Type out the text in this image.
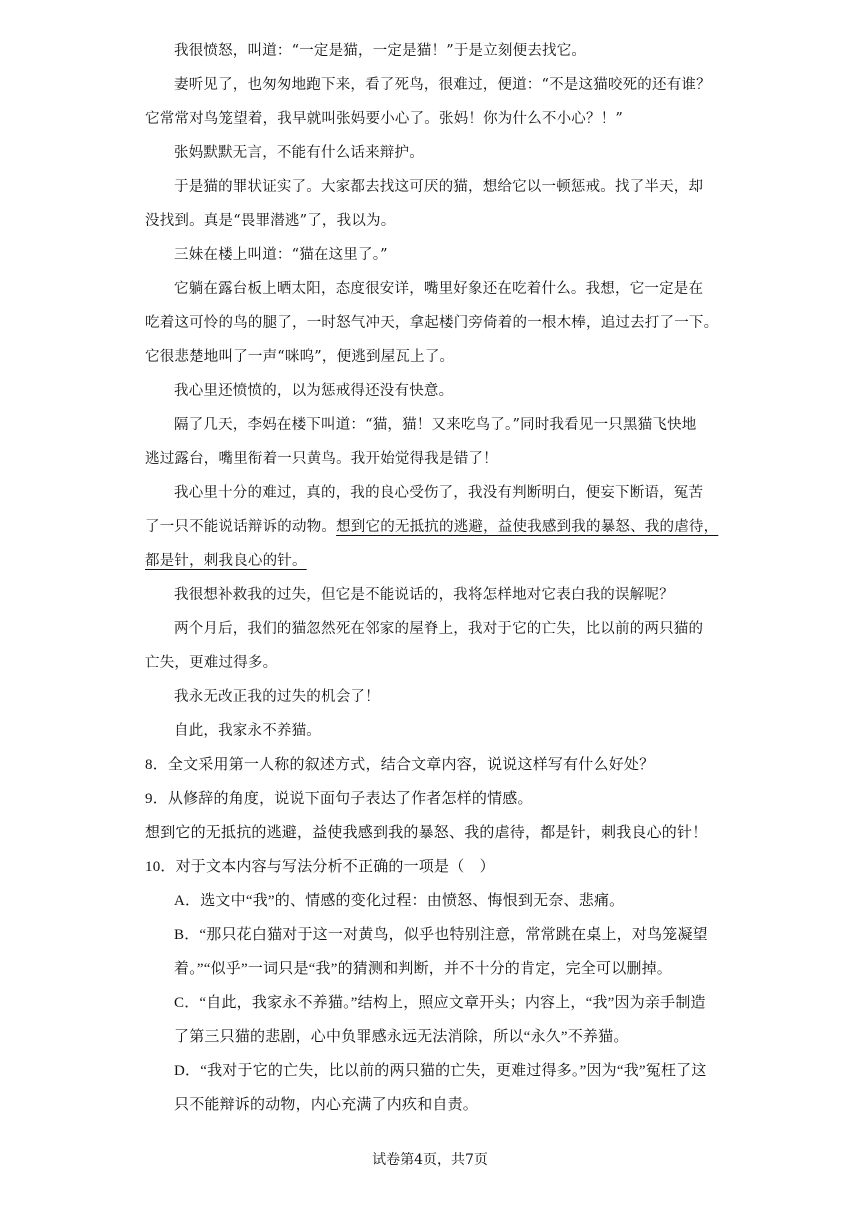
我很愤怒，叫道：“一定是猫，一定是猫！”于是立刻便去找它。
妻听见了，也匆匆地跑下来，看了死鸟，很难过，便道：“不是这猫咬死的还有谁？
它常常对鸟笼望着，我早就叫张妈要小心了。张妈！你为什么不小心？！”
张妈默默无言，不能有什么话来辩护。
于是猫的罪状证实了。大家都去找这可厌的猫，想给它以一顿惩戒。找了半天，却
没找到。真是“畏罪潜逃”了，我以为。
三妹在楼上叫道：“猫在这里了。”
它躺在露台板上晒太阳，态度很安详，嘴里好象还在吃着什么。我想，它一定是在
吃着这可怜的鸟的腿了，一时怒气冲天，拿起楼门旁倚着的一根木棒，追过去打了一下。
它很悲楚地叫了一声“咪呜”，便逃到屋瓦上了。
我心里还愤愤的，以为惩戒得还没有快意。
隔了几天，李妈在楼下叫道：“猫，猫！又来吃鸟了。”同时我看见一只黑猫飞快地
逃过露台，嘴里衔着一只黄鸟。我开始觉得我是错了！
我心里十分的难过，真的，我的良心受伤了，我没有判断明白，便妄下断语，冤苦
了一只不能说话辩诉的动物。想到它的无抵抗的逃避，益使我感到我的暴怒、我的虐待，
都是针，刺我良心的针。
我很想补救我的过失，但它是不能说话的，我将怎样地对它表白我的误解呢？
两个月后，我们的猫忽然死在邻家的屋脊上，我对于它的亡失，比以前的两只猫的
亡失，更难过得多。
我永无改正我的过失的机会了！
自此，我家永不养猫。
8．全文采用第一人称的叙述方式，结合文章内容，说说这样写有什么好处？
9．从修辞的角度，说说下面句子表达了作者怎样的情感。
想到它的无抵抗的逃避，益使我感到我的暴怒、我的虐待，都是针，刺我良心的针！
10．对于文本内容与写法分析不正确的一项是（　）
A．选文中“我”的、情感的变化过程：由愤怒、悔恨到无奈、悲痛。
B．“那只花白猫对于这一对黄鸟，似乎也特别注意，常常跳在桌上，对鸟笼凝望
着。”“似乎”一词只是“我”的猜测和判断，并不十分的肯定，完全可以删掉。
C．“自此，我家永不养猫。”结构上，照应文章开头；内容上，“我”因为亲手制造
了第三只猫的悲剧，心中负罪感永远无法消除，所以“永久”不养猫。
D．“我对于它的亡失，比以前的两只猫的亡失，更难过得多。”因为“我”冤枉了这
只不能辩诉的动物，内心充满了内疚和自责。
试卷第4页，共7页
